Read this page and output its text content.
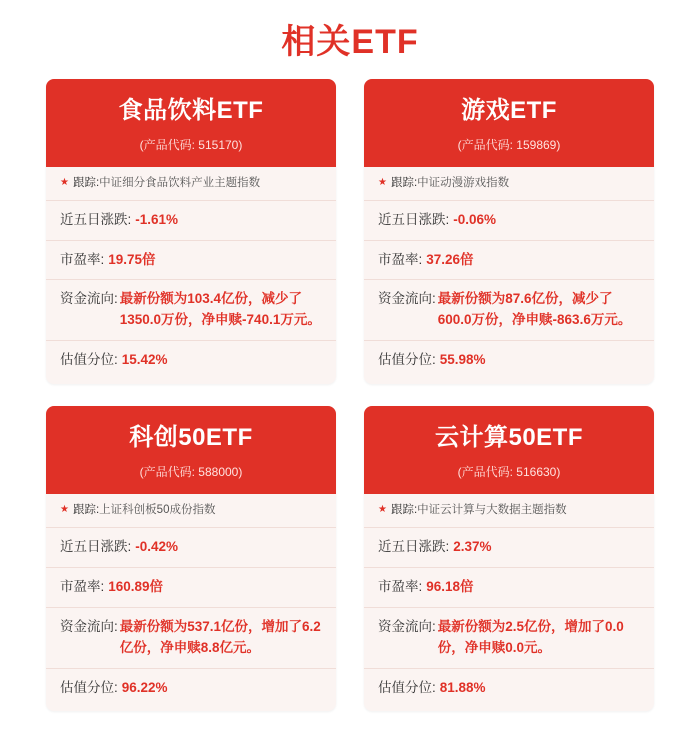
相关ETF
食品饮料ETF
(产品代码: 515170)
★ 跟踪: 中证细分食品饮料产业主题指数
近五日涨跌: -1.61%
市盈率: 19.75倍
资金流向: 最新份额为103.4亿份，减少了1350.0万份，净申赎-740.1万元。
估值分位: 15.42%
游戏ETF
(产品代码: 159869)
★ 跟踪: 中证动漫游戏指数
近五日涨跌: -0.06%
市盈率: 37.26倍
资金流向: 最新份额为87.6亿份，减少了600.0万份，净申赎-863.6万元。
估值分位: 55.98%
科创50ETF
(产品代码: 588000)
★ 跟踪: 上证科创板50成份指数
近五日涨跌: -0.42%
市盈率: 160.89倍
资金流向: 最新份额为537.1亿份，增加了6.2亿份，净申赎8.8亿元。
估值分位: 96.22%
云计算50ETF
(产品代码: 516630)
★ 跟踪: 中证云计算与大数据主题指数
近五日涨跌: 2.37%
市盈率: 96.18倍
资金流向: 最新份额为2.5亿份，增加了0.0份，净申赎0.0元。
估值分位: 81.88%
